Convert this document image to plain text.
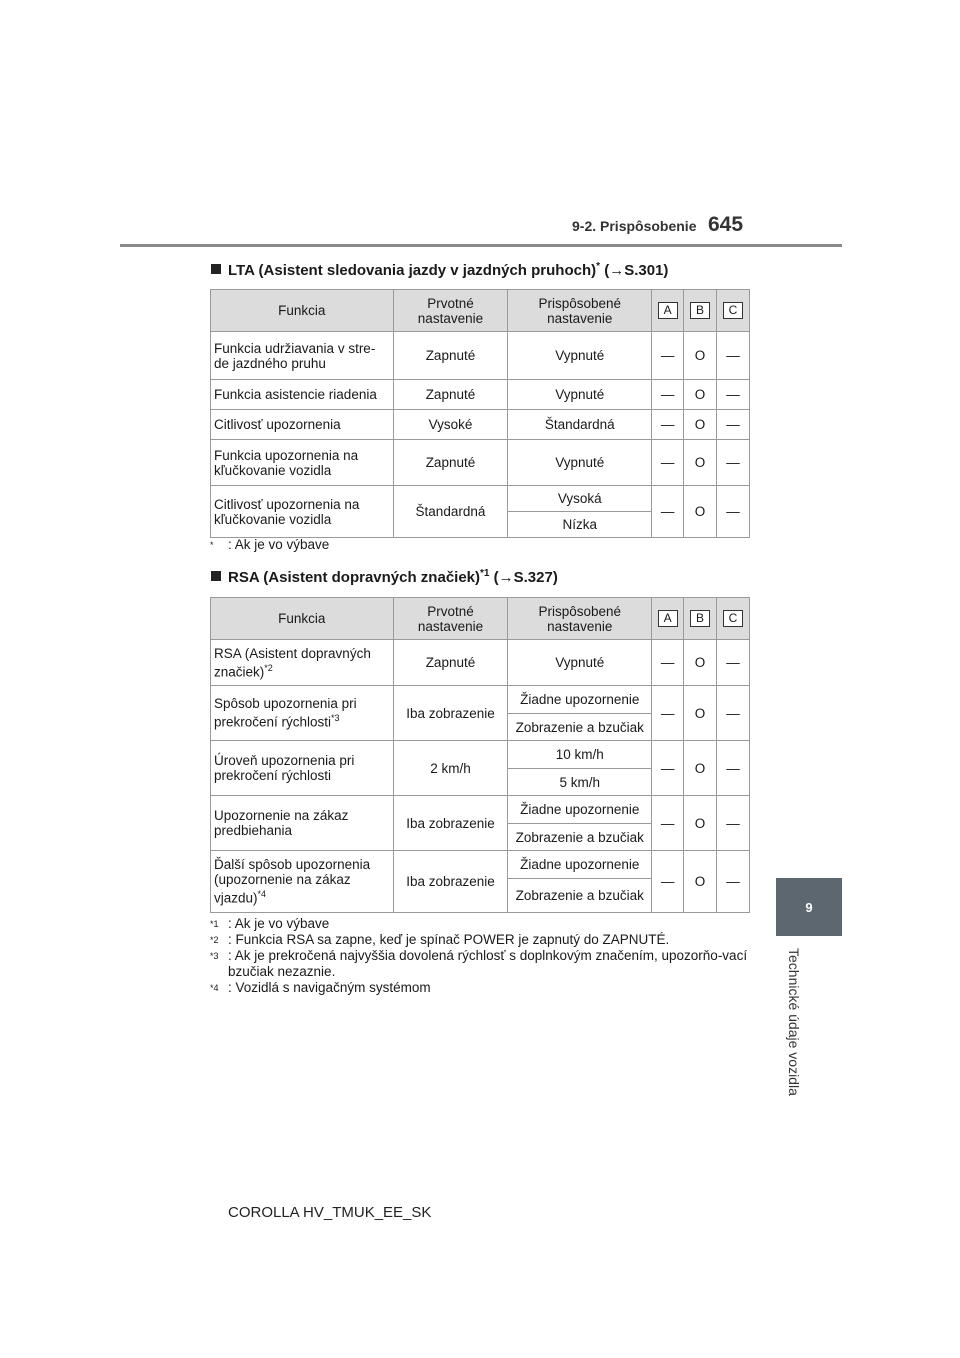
9-2. Prispôsobenie 645
9
Technické údaje vozidla
LTA (Asistent sledovania jazdy v jazdných pruhoch)* (→S.301)
Funkcia	Prvotné nastavenie	Prispôsobené nastavenie	A	B	C
Funkcia udržiavania v stre-de jazdného pruhu	Zapnuté	Vypnuté	—	O	—
Funkcia asistencie riadenia	Zapnuté	Vypnuté	—	O	—
Citlivosť upozornenia	Vysoké	Štandardná	—	O	—
Funkcia upozornenia na kľučkovanie vozidla	Zapnuté	Vypnuté	—	O	—
Citlivosť upozornenia na kľučkovanie vozidla	Štandardná	Vysoká	—	O	—
		Nízka			
* : Ak je vo výbave
RSA (Asistent dopravných značiek)$^{*1}$ (→S.327)
Funkcia	Prvotné nastavenie	Prispôsobené nastavenie	A	B	C
RSA (Asistent dopravných značiek)$^{*2}$	Zapnuté	Vypnuté	—	O	—
Spôsob upozornenia pri prekročení rýchlosti$^{*3}$	Iba zobrazenie	Žiadne upozornenie	—	O	—
		Zobrazenie a bzučiak			
Úroveň upozornenia pri prekročení rýchlosti	2 km/h	10 km/h	—	O	—
		5 km/h			
Upozornenie na zákaz predbiehania	Iba zobrazenie	Žiadne upozornenie	—	O	—
		Zobrazenie a bzučiak			
Ďalší spôsob upozornenia (upozornenie na zákaz vjazdu)$^{*4}$	Iba zobrazenie	Žiadne upozornenie	—	O	—
		Zobrazenie a bzučiak			
*1 : Ak je vo výbave
*2 : Funkcia RSA sa zapne, keď je spínač POWER je zapnutý do ZAPNUTÉ.
*3 : Ak je prekročená najvyššia dovolená rýchlosť s doplnkovým značením, upozorňo-vací bzučiak nezaznie.
*4 : Vozidlá s navigačným systémom
COROLLA HV_TMUK_EE_SK
